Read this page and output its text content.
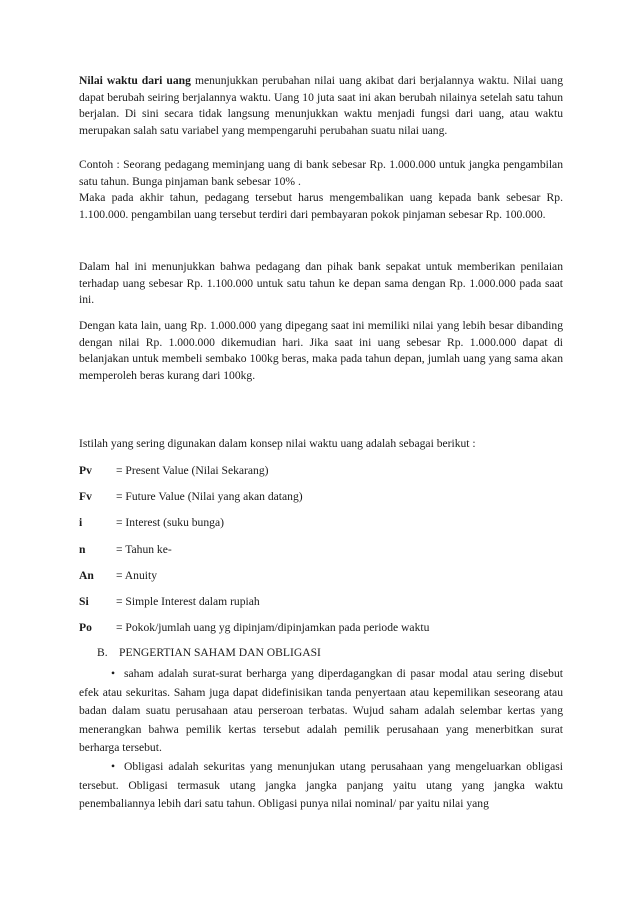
Nilai waktu dari uang menunjukkan perubahan nilai uang akibat dari berjalannya waktu. Nilai uang dapat berubah seiring berjalannya waktu. Uang 10 juta saat ini akan berubah nilainya setelah satu tahun berjalan. Di sini secara tidak langsung menunjukkan waktu menjadi fungsi dari uang, atau waktu merupakan salah satu variabel yang mempengaruhi perubahan suatu nilai uang.

Contoh : Seorang pedagang meminjang uang di bank sebesar Rp. 1.000.000 untuk jangka pengambilan satu tahun. Bunga pinjaman bank sebesar 10% .

Maka pada akhir tahun, pedagang tersebut harus mengembalikan uang kepada bank sebesar Rp. 1.100.000. pengambilan uang tersebut terdiri dari pembayaran pokok pinjaman sebesar Rp. 100.000.

Dalam hal ini menunjukkan bahwa pedagang dan pihak bank sepakat untuk memberikan penilaian terhadap uang sebesar Rp. 1.100.000 untuk satu tahun ke depan sama dengan Rp. 1.000.000 pada saat ini.

Dengan kata lain, uang Rp. 1.000.000 yang dipegang saat ini memiliki nilai yang lebih besar dibanding dengan nilai Rp. 1.000.000 dikemudian hari. Jika saat ini uang sebesar Rp. 1.000.000 dapat di belanjakan untuk membeli sembako 100kg beras, maka pada tahun depan, jumlah uang yang sama akan memperoleh beras kurang dari 100kg.

Istilah yang sering digunakan dalam konsep nilai waktu uang adalah sebagai berikut :
Pv = Present Value (Nilai Sekarang)
Fv = Future Value (Nilai yang akan datang)
i	= Interest (suku bunga)
n	= Tahun ke-
An = Anuity
Si = Simple Interest dalam rupiah
Po = Pokok/jumlah uang yg dipinjam/dipinjamkan pada periode waktu
B. PENGERTIAN SAHAM DAN OBLIGASI

• saham adalah surat-surat berharga yang diperdagangkan di pasar modal atau sering disebut efek atau sekuritas. Saham juga dapat didefinisikan tanda penyertaan atau kepemilikan seseorang atau badan dalam suatu perusahaan atau perseroan terbatas. Wujud saham adalah selembar kertas yang menerangkan bahwa pemilik kertas tersebut adalah pemilik perusahaan yang menerbitkan surat berharga tersebut.

• Obligasi adalah sekuritas yang menunjukan utang perusahaan yang mengeluarkan obligasi tersebut. Obligasi termasuk utang jangka jangka panjang yaitu utang yang jangka waktu penembaliannya lebih dari satu tahun. Obligasi punya nilai nominal/ par yaitu nilai yang
